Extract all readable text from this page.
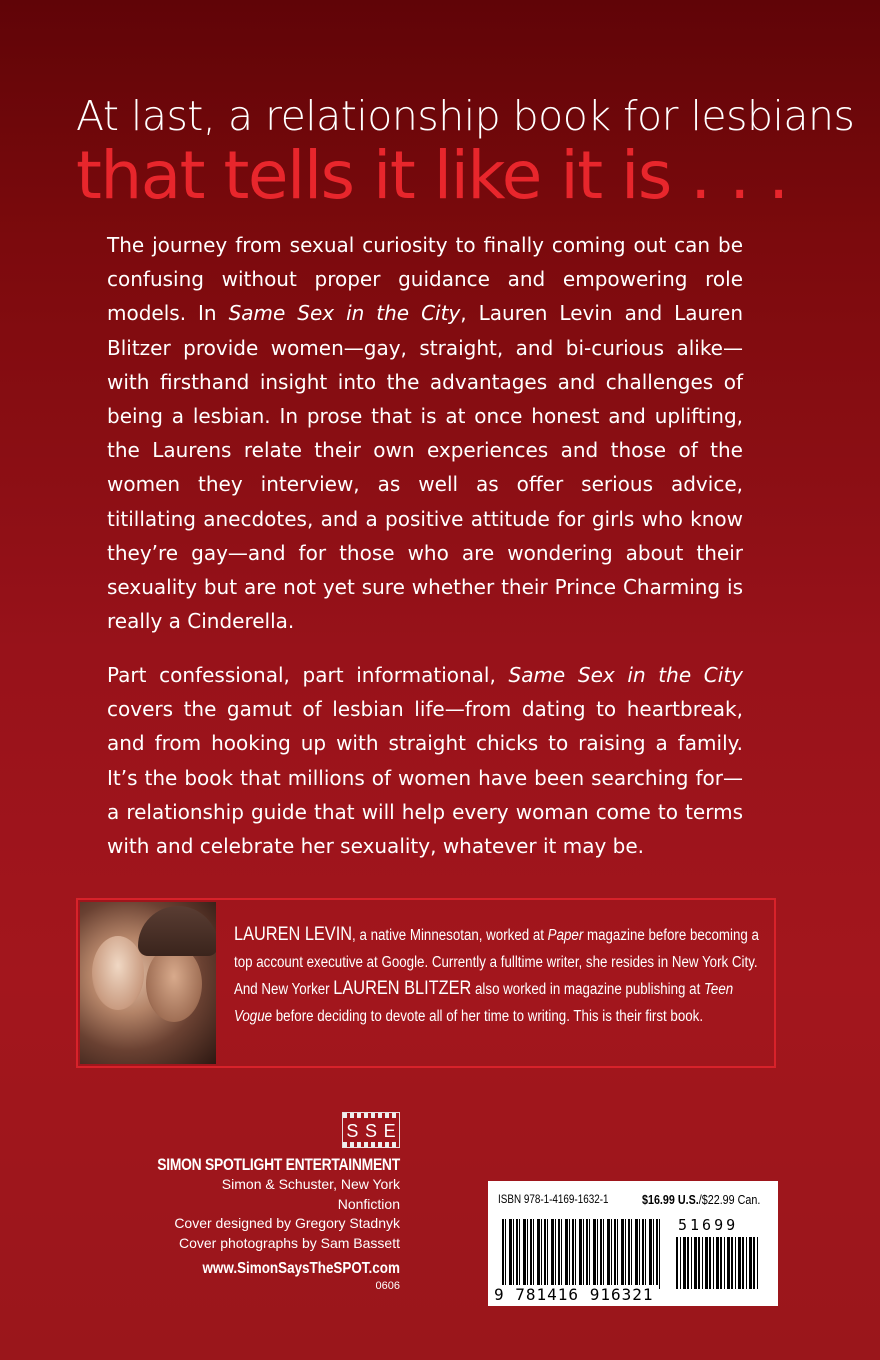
At last, a relationship book for lesbians
that tells it like it is . . .
The journey from sexual curiosity to finally coming out can be confusing without proper guidance and empowering role models. In Same Sex in the City, Lauren Levin and Lauren Blitzer provide women—gay, straight, and bi-curious alike—with firsthand insight into the advantages and challenges of being a lesbian. In prose that is at once honest and uplifting, the Laurens relate their own experiences and those of the women they interview, as well as offer serious advice, titillating anecdotes, and a positive attitude for girls who know they’re gay—and for those who are wondering about their sexuality but are not yet sure whether their Prince Charming is really a Cinderella.
Part confessional, part informational, Same Sex in the City covers the gamut of lesbian life—from dating to heartbreak, and from hooking up with straight chicks to raising a family. It’s the book that millions of women have been searching for—a relationship guide that will help every woman come to terms with and celebrate her sexuality, whatever it may be.
LAUREN LEVIN, a native Minnesotan, worked at Paper magazine before becoming a top account executive at Google. Currently a fulltime writer, she resides in New York City. And New Yorker LAUREN BLITZER also worked in magazine publishing at Teen Vogue before deciding to devote all of her time to writing. This is their first book.
S S E
SIMON SPOTLIGHT ENTERTAINMENT
Simon & Schuster, New York
Nonfiction
Cover designed by Gregory Stadnyk
Cover photographs by Sam Bassett
www.SimonSaysTheSPOT.com
0606
ISBN 978-1-4169-1632-1	$16.99 U.S./$22.99 Can.
51699
9 781416 916321
